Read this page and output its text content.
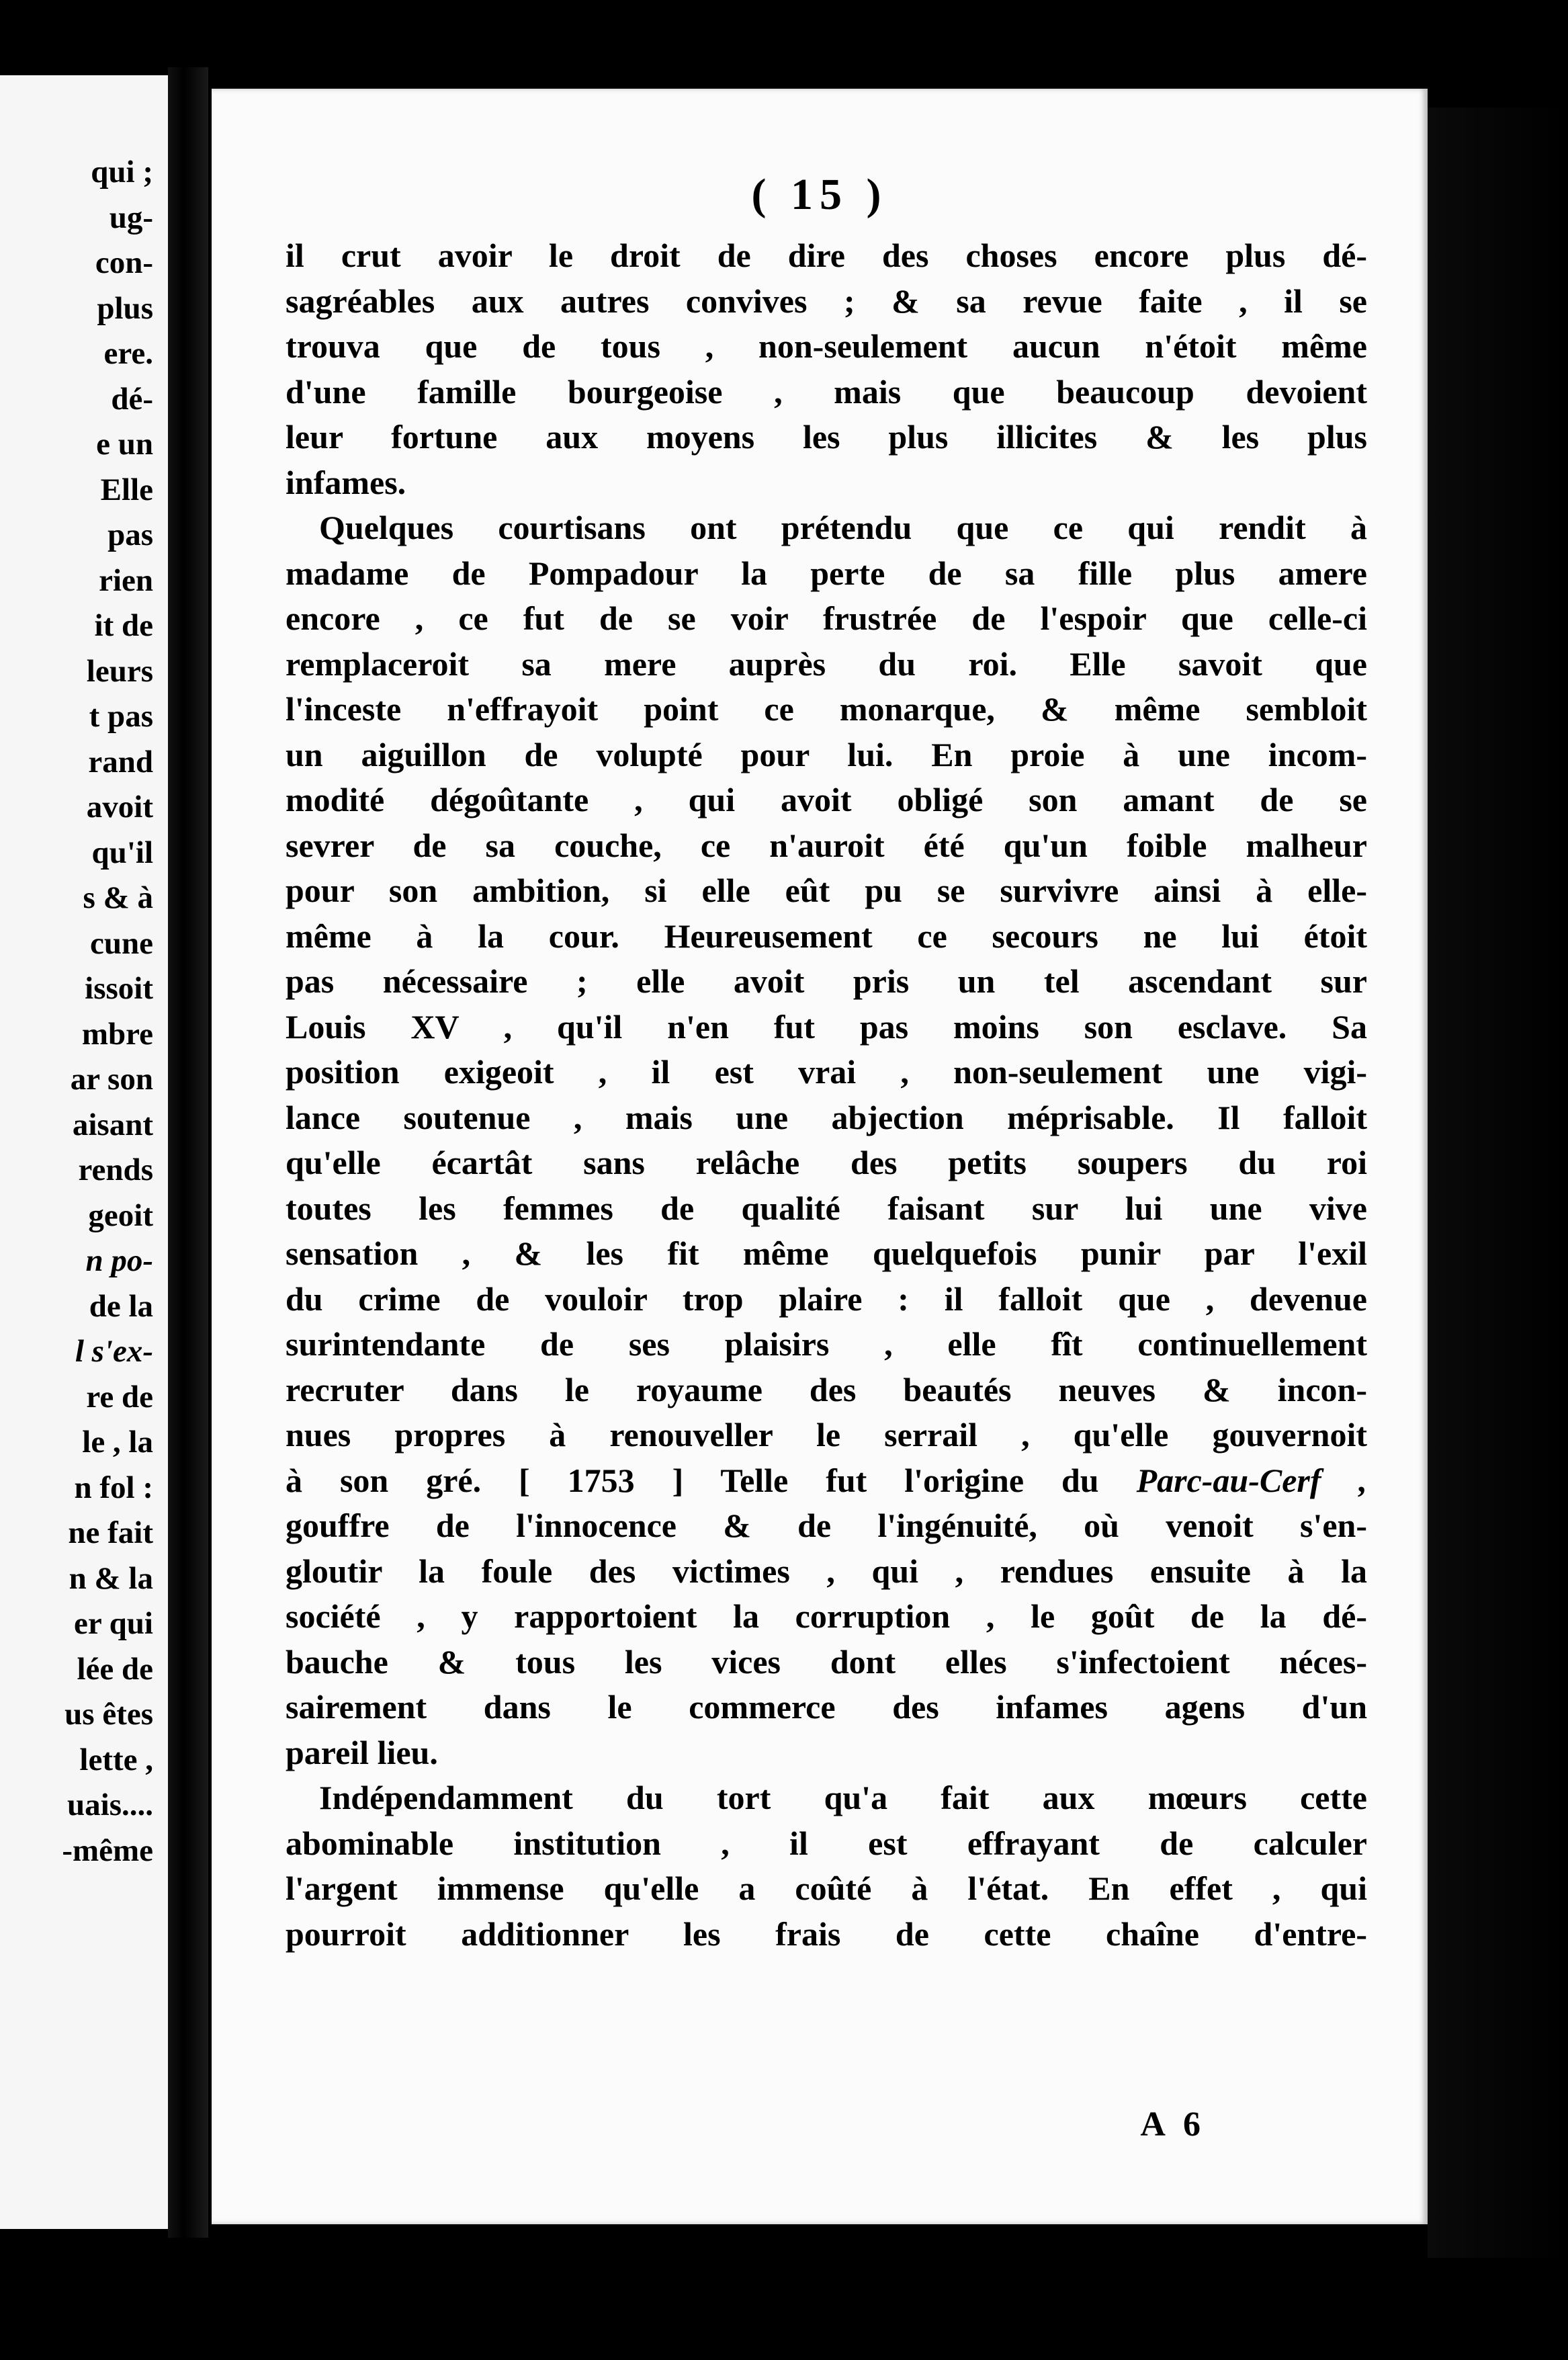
qui ;
ug-
con-
plus
ere.
dé-
e un
Elle
pas
rien
it de
leurs
t pas
rand
avoit
qu'il
s & à
cune
issoit
mbre
ar son
aisant
rends
geoit
n po-
de la
l s'ex-
re de
le , la
n fol :
ne fait
n & la
er qui
lée de
us êtes
lette ,
uais....
-même
( 15 )
il crut avoir le droit de dire des choses encore plus dé-
sagréables aux autres convives ; & sa revue faite , il se
trouva que de tous , non-seulement aucun n'étoit même
d'une famille bourgeoise , mais que beaucoup devoient
leur fortune aux moyens les plus illicites & les plus
infames.
Quelques courtisans ont prétendu que ce qui rendit à
madame de Pompadour la perte de sa fille plus amere
encore , ce fut de se voir frustrée de l'espoir que celle-ci
remplaceroit sa mere auprès du roi. Elle savoit que
l'inceste n'effrayoit point ce monarque, & même sembloit
un aiguillon de volupté pour lui. En proie à une incom-
modité dégoûtante , qui avoit obligé son amant de se
sevrer de sa couche, ce n'auroit été qu'un foible malheur
pour son ambition, si elle eût pu se survivre ainsi à elle-
même à la cour. Heureusement ce secours ne lui étoit
pas nécessaire ; elle avoit pris un tel ascendant sur
Louis XV , qu'il n'en fut pas moins son esclave. Sa
position exigeoit , il est vrai , non-seulement une vigi-
lance soutenue , mais une abjection méprisable. Il falloit
qu'elle écartât sans relâche des petits soupers du roi
toutes les femmes de qualité faisant sur lui une vive
sensation , & les fit même quelquefois punir par l'exil
du crime de vouloir trop plaire : il falloit que , devenue
surintendante de ses plaisirs , elle fît continuellement
recruter dans le royaume des beautés neuves & incon-
nues propres à renouveller le serrail , qu'elle gouvernoit
à son gré. [ 1753 ] Telle fut l'origine du Parc-au-Cerf ,
gouffre de l'innocence & de l'ingénuité, où venoit s'en-
gloutir la foule des victimes , qui , rendues ensuite à la
société , y rapportoient la corruption , le goût de la dé-
bauche & tous les vices dont elles s'infectoient néces-
sairement dans le commerce des infames agens d'un
pareil lieu.
Indépendamment du tort qu'a fait aux mœurs cette
abominable institution , il est effrayant de calculer
l'argent immense qu'elle a coûté à l'état. En effet , qui
pourroit additionner les frais de cette chaîne d'entre-
A 6
